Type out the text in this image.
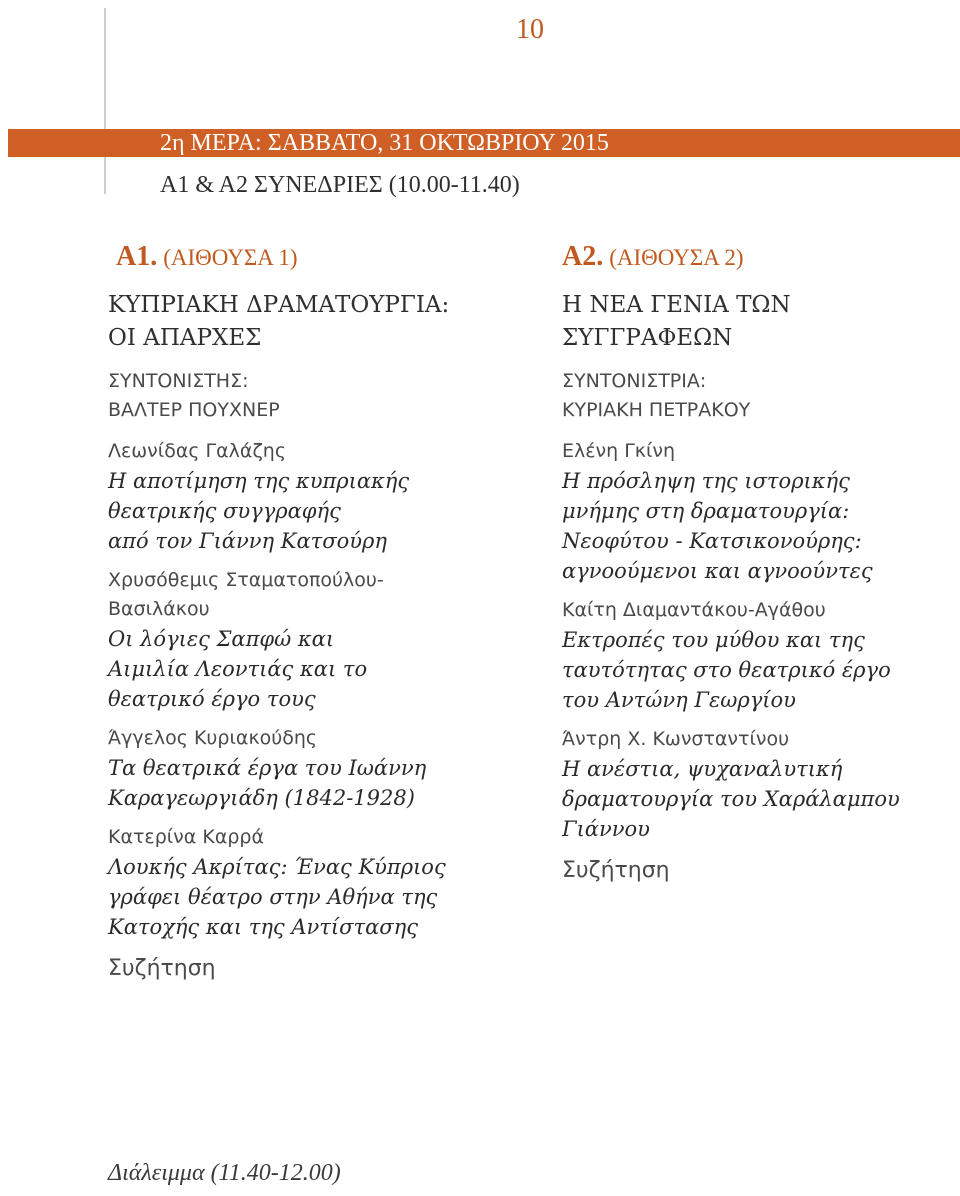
10
2η ΜΕΡΑ: ΣΑΒΒΑΤΟ, 31 ΟΚΤΩΒΡΙΟΥ 2015
Α1 & Α2 ΣΥΝΕΔΡΙΕΣ (10.00-11.40)
Α1. (ΑΙΘΟΥΣΑ 1)
ΚΥΠΡΙΑΚΗ ΔΡΑΜΑΤΟΥΡΓΙΑ:
ΟΙ ΑΠΑΡΧΕΣ
ΣΥΝΤΟΝΙΣΤΗΣ:
ΒΑΛΤΕΡ ΠΟΥΧΝΕΡ
Λεωνίδας Γαλάζης
Η αποτίμηση της κυπριακής
θεατρικής συγγραφής
από τον Γιάννη Κατσούρη
Χρυσόθεμις Σταματοπούλου-
Βασιλάκου
Οι λόγιες Σαπφώ και
Αιμιλία Λεοντιάς και το
θεατρικό έργο τους
Άγγελος Κυριακούδης
Τα θεατρικά έργα του Ιωάννη
Καραγεωργιάδη (1842-1928)
Κατερίνα Καρρά
Λουκής Ακρίτας: Ένας Κύπριος
γράφει θέατρο στην Αθήνα της
Κατοχής και της Αντίστασης
Συζήτηση
Α2. (ΑΙΘΟΥΣΑ 2)
Η ΝΕΑ ΓΕΝΙΑ ΤΩΝ
ΣΥΓΓΡΑΦΕΩΝ
ΣΥΝΤΟΝΙΣΤΡΙΑ:
ΚΥΡΙΑΚΗ ΠΕΤΡΑΚΟΥ
Ελένη Γκίνη
Η πρόσληψη της ιστορικής
μνήμης στη δραματουργία:
Νεοφύτου - Κατσικονούρης:
αγνοούμενοι και αγνοούντες
Καίτη Διαμαντάκου-Αγάθου
Εκτροπές του μύθου και της
ταυτότητας στο θεατρικό έργο
του Αντώνη Γεωργίου
Άντρη Χ. Κωνσταντίνου
Η ανέστια, ψυχαναλυτική
δραματουργία του Χαράλαμπου
Γιάννου
Συζήτηση
Διάλειμμα (11.40-12.00)
